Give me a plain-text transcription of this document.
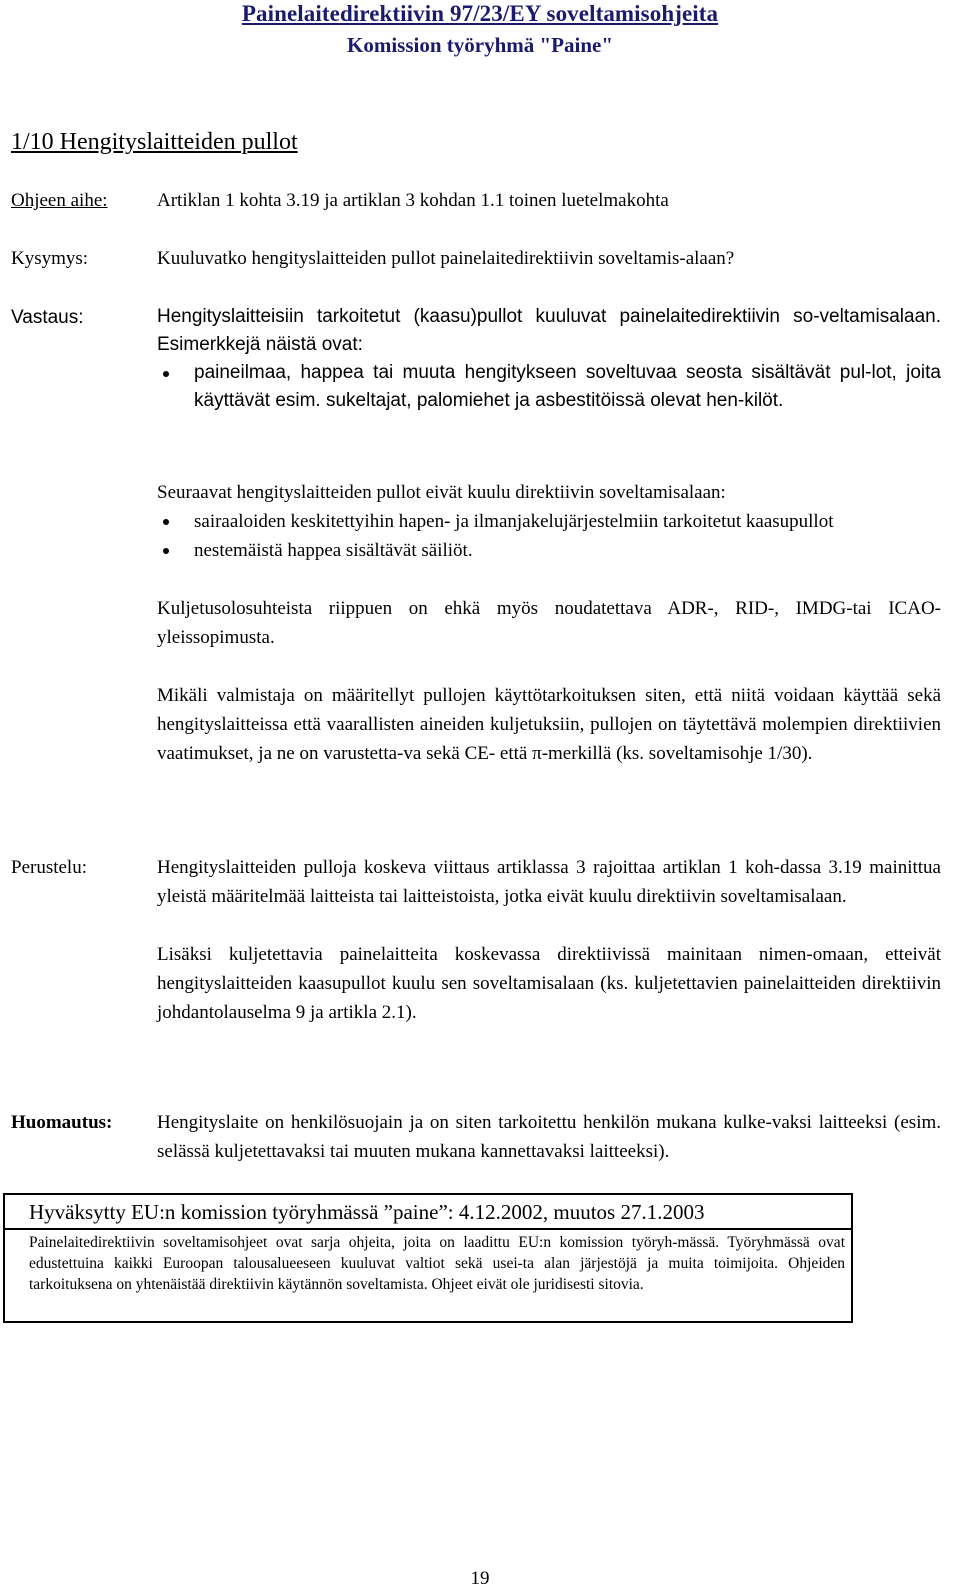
Painelaitedirektiivin 97/23/EY soveltamisohjeita
Komission työryhmä "Paine"
1/10 Hengityslaitteiden pullot
Ohjeen aihe:	Artiklan 1 kohta 3.19 ja artiklan 3 kohdan 1.1 toinen luetelmakohta
Kysymys:	Kuuluvatko hengityslaitteiden pullot painelaitedirektiivin soveltamis-alaan?
Vastaus:	Hengityslaitteisiin tarkoitetut (kaasu)pullot kuuluvat painelaitedirektiivin so-veltamisalaan. Esimerkkejä näistä ovat:

paineilmaa, happea tai muuta hengitykseen soveltuvaa seosta sisältävät pul-lot, joita käyttävät esim. sukeltajat, palomiehet ja asbestitöissä olevat hen-kilöt.

Seuraavat hengityslaitteiden pullot eivät kuulu direktiivin soveltamisalaan:

sairaaloiden keskitettyihin hapen- ja ilmanjakelujärjestelmiin tarkoitetut kaasupullot
nestemäistä happea sisältävät säiliöt.

Kuljetusolosuhteista riippuen on ehkä myös noudatettava ADR-, RID-, IMDG-tai ICAO-yleissopimusta.

Mikäli valmistaja on määritellyt pullojen käyttötarkoituksen siten, että niitä voidaan käyttää sekä hengityslaitteissa että vaarallisten aineiden kuljetuksiin, pullojen on täytettävä molempien direktiivien vaatimukset, ja ne on varustetta-va sekä CE- että π-merkillä (ks. soveltamisohje 1/30).

Perustelu:	Hengityslaitteiden pulloja koskeva viittaus artiklassa 3 rajoittaa artiklan 1 koh-dassa 3.19 mainittua yleistä määritelmää laitteista tai laitteistoista, jotka eivät kuulu direktiivin soveltamisalaan.

Lisäksi kuljetettavia painelaitteita koskevassa direktiivissä mainitaan nimen-omaan, etteivät hengityslaitteiden kaasupullot kuulu sen soveltamisalaan (ks. kuljetettavien painelaitteiden direktiivin johdantolauselma 9 ja artikla 2.1).

Huomautus:	Hengityslaite on henkilösuojain ja on siten tarkoitettu henkilön mukana kulke-vaksi laitteeksi (esim. selässä kuljetettavaksi tai muuten mukana kannettavaksi laitteeksi).
Hyväksytty EU:n komission työryhmässä ”paine”: 4.12.2002, muutos 27.1.2003
Painelaitedirektiivin soveltamisohjeet ovat sarja ohjeita, joita on laadittu EU:n komission työryh-mässä. Työryhmässä ovat edustettuina kaikki Euroopan talousalueeseen kuuluvat valtiot sekä usei-ta alan järjestöjä ja muita toimijoita. Ohjeiden tarkoituksena on yhtenäistää direktiivin käytännön soveltamista. Ohjeet eivät ole juridisesti sitovia.
19
